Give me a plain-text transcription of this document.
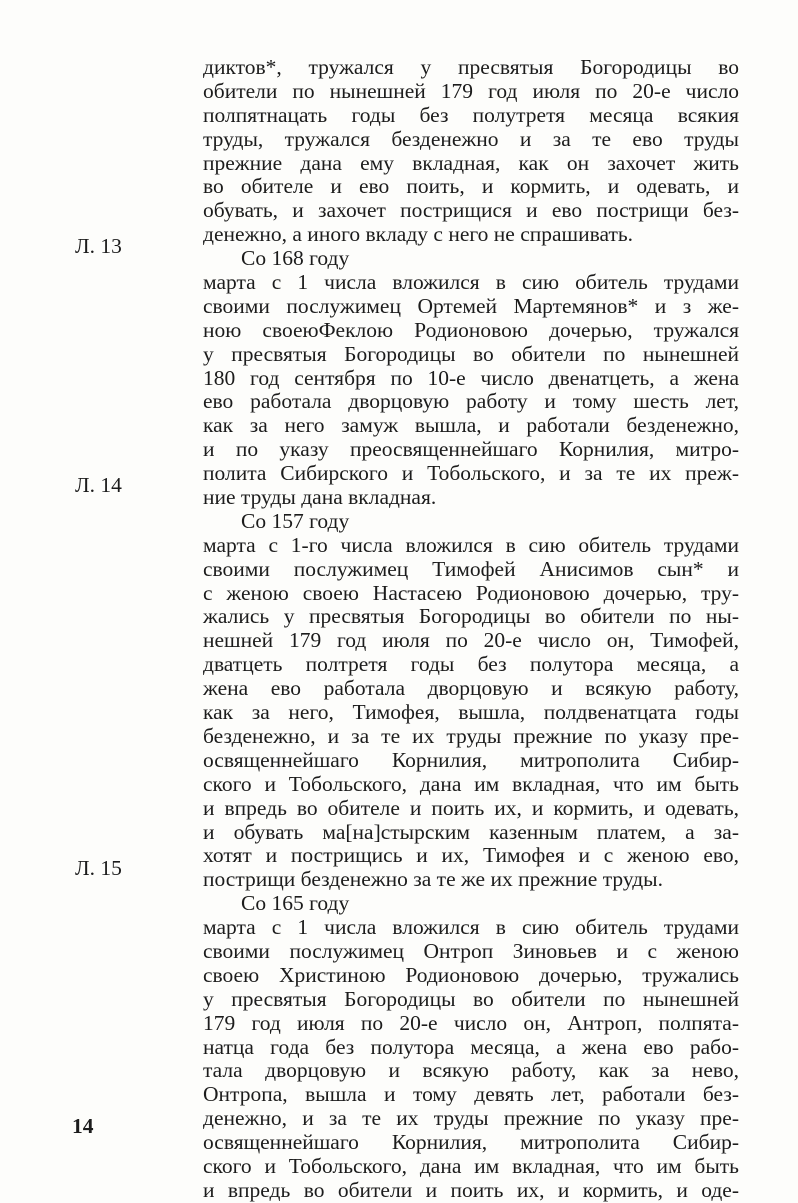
диктов*, тружался у пресвятыя Богородицы во
обители по нынешней 179 год июля по 20-е число
полпятнацать годы без полутретя месяца всякия
труды, тружался безденежно и за те ево труды
прежние дана ему вкладная, как он захочет жить
во обителе и ево поить, и кормить, и одевать, и
обувать, и захочет пострищися и ево пострищи без-
денежно, а иного вкладу с него не спрашивать.
Со 168 году
марта с 1 числа вложился в сию обитель трудами
своими послужимец Ортемей Мартемянов* и з же-
ною своеюФеклою Родионовою дочерью, тружался
у пресвятыя Богородицы во обители по нынешней
180 год сентября по 10-е число двенатцеть, а жена
ево работала дворцовую работу и тому шесть лет,
как за него замуж вышла, и работали безденежно,
и по указу преосвященнейшаго Корнилия, митро-
полита Сибирского и Тобольского, и за те их преж-
ние труды дана вкладная.
Со 157 году
марта с 1-го числа вложился в сию обитель трудами
своими послужимец Тимофей Анисимов сын* и
с женою своею Настасею Родионовою дочерью, тру-
жались у пресвятыя Богородицы во обители по ны-
нешней 179 год июля по 20-е число он, Тимофей,
дватцеть полтретя годы без полутора месяца, а
жена ево работала дворцовую и всякую работу,
как за него, Тимофея, вышла, полдвенатцата годы
безденежно, и за те их труды прежние по указу пре-
освященнейшаго Корнилия, митрополита Сибир-
ского и Тобольского, дана им вкладная, что им быть
и впредь во обителе и поить их, и кормить, и одевать,
и обувать ма[на]стырским казенным платем, а за-
хотят и пострищись и их, Тимофея и с женою ево,
пострищи безденежно за те же их прежние труды.
Со 165 году
марта с 1 числа вложился в сию обитель трудами
своими послужимец Онтроп Зиновьев и с женою
своею Христиною Родионовою дочерью, тружались
у пресвятыя Богородицы во обители по нынешней
179 год июля по 20-е число он, Антроп, полпята-
натца года без полутора месяца, а жена ево рабо-
тала дворцовую и всякую работу, как за нево,
Онтропа, вышла и тому девять лет, работали без-
денежно, и за те их труды прежние по указу пре-
освященнейшаго Корнилия, митрополита Сибир-
ского и Тобольского, дана им вкладная, что им быть
и впредь во обители и поить их, и кормить, и оде-
Л. 13
Л. 14
Л. 15
14
